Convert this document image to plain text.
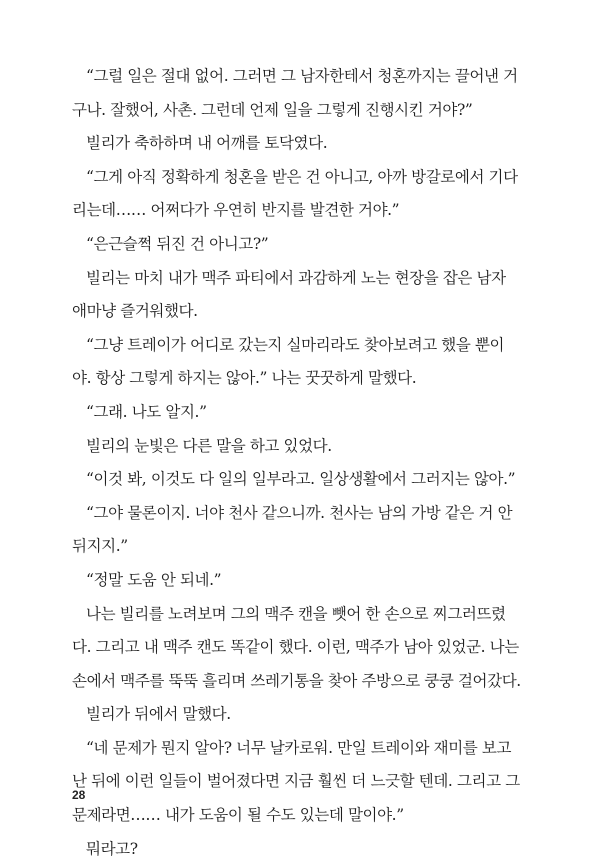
“그럴 일은 절대 없어. 그러면 그 남자한테서 청혼까지는 끌어낸 거
구나. 잘했어, 사촌. 그런데 언제 일을 그렇게 진행시킨 거야?”
빌리가 축하하며 내 어깨를 토닥였다.
“그게 아직 정확하게 청혼을 받은 건 아니고, 아까 방갈로에서 기다
리는데…… 어쩌다가 우연히 반지를 발견한 거야.”
“은근슬쩍 뒤진 건 아니고?”
빌리는 마치 내가 맥주 파티에서 과감하게 노는 현장을 잡은 남자
애마냥 즐거워했다.
“그냥 트레이가 어디로 갔는지 실마리라도 찾아보려고 했을 뿐이
야. 항상 그렇게 하지는 않아.” 나는 꿋꿋하게 말했다.
“그래. 나도 알지.”
빌리의 눈빛은 다른 말을 하고 있었다.
“이것 봐, 이것도 다 일의 일부라고. 일상생활에서 그러지는 않아.”
“그야 물론이지. 너야 천사 같으니까. 천사는 남의 가방 같은 거 안
뒤지지.”
“정말 도움 안 되네.”
나는 빌리를 노려보며 그의 맥주 캔을 뺏어 한 손으로 찌그러뜨렸
다. 그리고 내 맥주 캔도 똑같이 했다. 이런, 맥주가 남아 있었군. 나는
손에서 맥주를 뚝뚝 흘리며 쓰레기통을 찾아 주방으로 쿵쿵 걸어갔다.
빌리가 뒤에서 말했다.
“네 문제가 뭔지 알아? 너무 날카로워. 만일 트레이와 재미를 보고
난 뒤에 이런 일들이 벌어졌다면 지금 훨씬 더 느긋할 텐데. 그리고 그
문제라면…… 내가 도움이 될 수도 있는데 말이야.”
뭐라고?
28
